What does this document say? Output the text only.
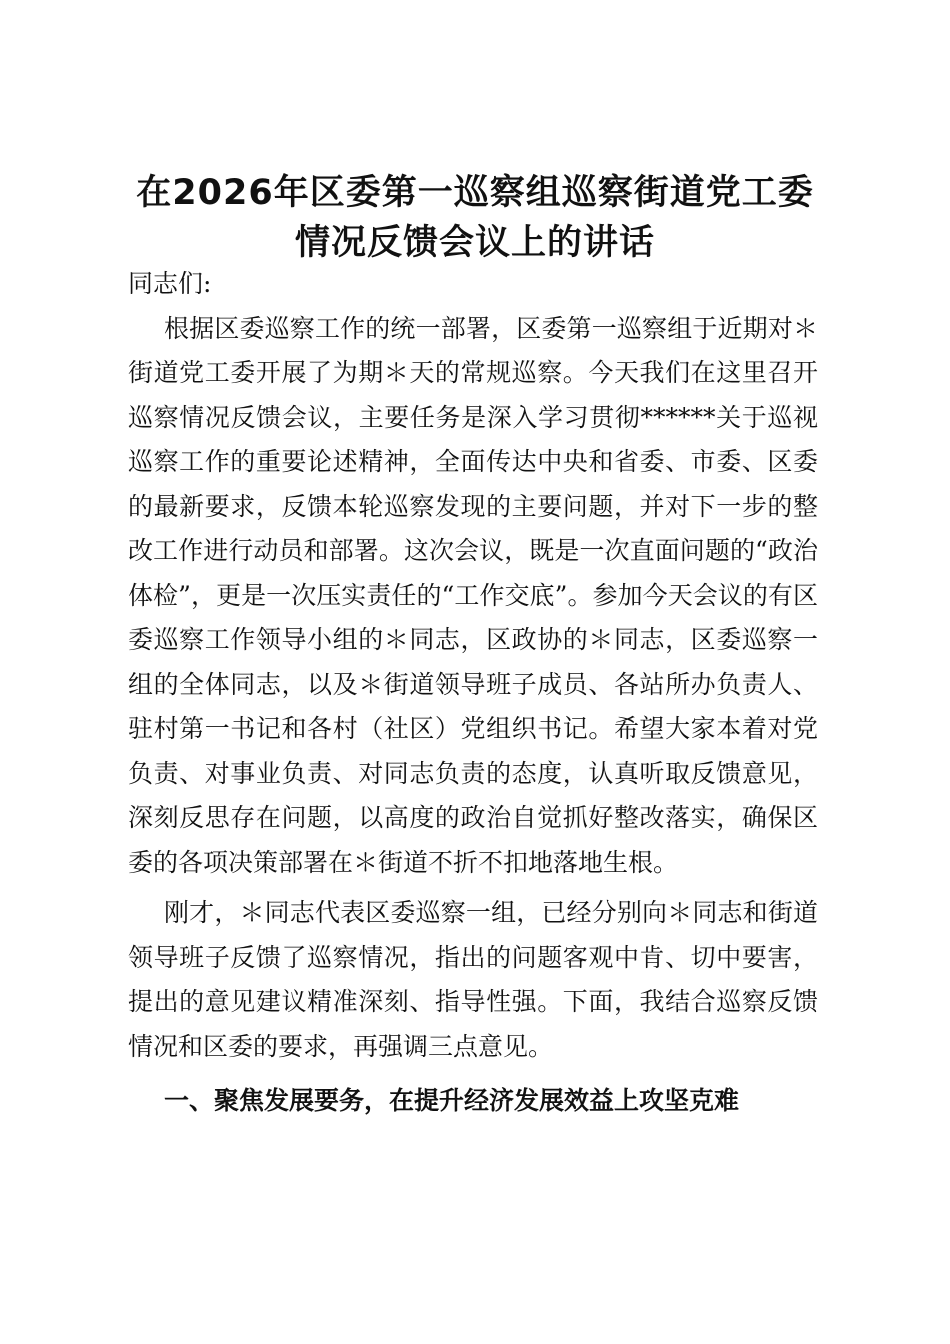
在2026年区委第一巡察组巡察街道党工委
情况反馈会议上的讲话

同志们:

根据区委巡察工作的统一部署，区委第一巡察组于近期对＊街道党工委开展了为期＊天的常规巡察。今天我们在这里召开巡察情况反馈会议，主要任务是深入学习贯彻******关于巡视巡察工作的重要论述精神，全面传达中央和省委、市委、区委的最新要求，反馈本轮巡察发现的主要问题，并对下一步的整改工作进行动员和部署。这次会议，既是一次直面问题的“政治体检”，更是一次压实责任的“工作交底”。参加今天会议的有区委巡察工作领导小组的＊同志，区政协的＊同志，区委巡察一组的全体同志，以及＊街道领导班子成员、各站所办负责人、驻村第一书记和各村（社区）党组织书记。希望大家本着对党负责、对事业负责、对同志负责的态度，认真听取反馈意见，深刻反思存在问题，以高度的政治自觉抓好整改落实，确保区委的各项决策部署在＊街道不折不扣地落地生根。

刚才，＊同志代表区委巡察一组，已经分别向＊同志和街道领导班子反馈了巡察情况，指出的问题客观中肯、切中要害，提出的意见建议精准深刻、指导性强。下面，我结合巡察反馈情况和区委的要求，再强调三点意见。

一、聚焦发展要务，在提升经济发展效益上攻坚克难
